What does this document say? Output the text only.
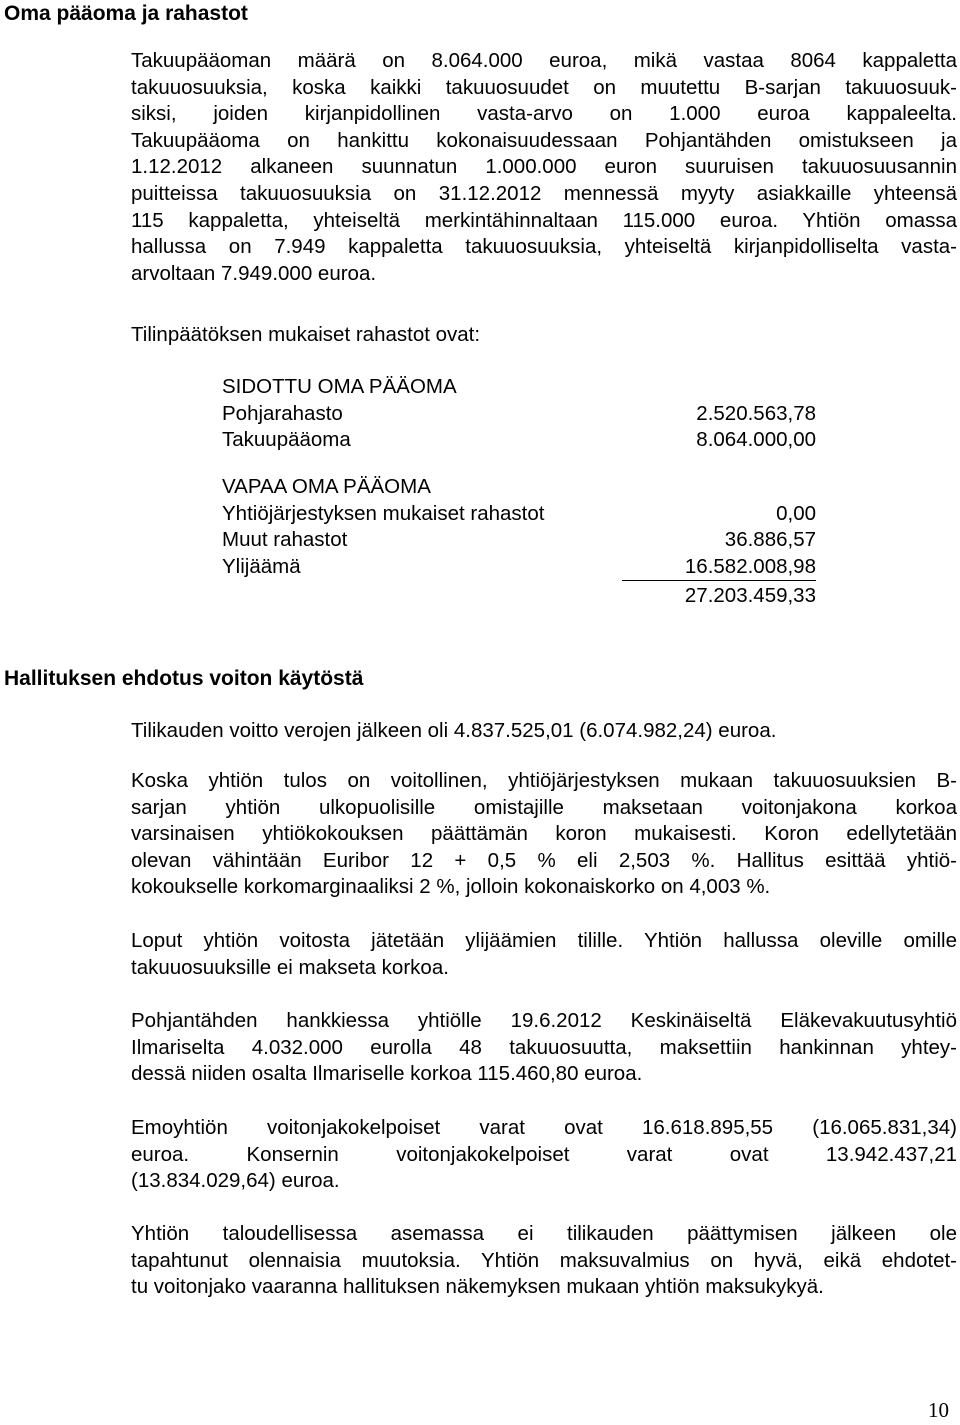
Oma pääoma ja rahastot
Takuupääoman määrä on 8.064.000 euroa, mikä vastaa 8064 kappaletta
takuuosuuksia, koska kaikki takuuosuudet on muutettu B-sarjan takuuosuuk-
siksi, joiden kirjanpidollinen vasta-arvo on 1.000 euroa kappaleelta.
Takuupääoma on hankittu kokonaisuudessaan Pohjantähden omistukseen ja
1.12.2012 alkaneen suunnatun 1.000.000 euron suuruisen takuuosuusannin
puitteissa takuuosuuksia on 31.12.2012 mennessä myyty asiakkaille yhteensä
115 kappaletta, yhteiseltä merkintähinnaltaan 115.000 euroa. Yhtiön omassa
hallussa on 7.949 kappaletta takuuosuuksia, yhteiseltä kirjanpidolliselta vasta-
arvoltaan 7.949.000 euroa.
Tilinpäätöksen mukaiset rahastot ovat:
SIDOTTU OMA PÄÄOMA
Pohjarahasto	2.520.563,78
Takuupääoma	8.064.000,00
VAPAA OMA PÄÄOMA
Yhtiöjärjestyksen mukaiset rahastot	0,00
Muut rahastot	36.886,57
Ylijäämä	16.582.008,98
27.203.459,33
Hallituksen ehdotus voiton käytöstä
Tilikauden voitto verojen jälkeen oli 4.837.525,01 (6.074.982,24) euroa.
Koska yhtiön tulos on voitollinen, yhtiöjärjestyksen mukaan takuuosuuksien B-
sarjan yhtiön ulkopuolisille omistajille maksetaan voitonjakona korkoa
varsinaisen yhtiökokouksen päättämän koron mukaisesti. Koron edellytetään
olevan vähintään Euribor 12 + 0,5 % eli 2,503 %. Hallitus esittää yhtiö-
kokoukselle korkomarginaaliksi 2 %, jolloin kokonaiskorko on 4,003 %.
Loput yhtiön voitosta jätetään ylijäämien tilille. Yhtiön hallussa oleville omille
takuuosuuksille ei makseta korkoa.
Pohjantähden hankkiessa yhtiölle 19.6.2012 Keskinäiseltä Eläkevakuutusyhtiö
Ilmariselta 4.032.000 eurolla 48 takuuosuutta, maksettiin hankinnan yhtey-
dessä niiden osalta Ilmariselle korkoa 115.460,80 euroa.
Emoyhtiön voitonjakokelpoiset varat ovat 16.618.895,55 (16.065.831,34)
euroa. Konsernin voitonjakokelpoiset varat ovat 13.942.437,21
(13.834.029,64) euroa.
Yhtiön taloudellisessa asemassa ei tilikauden päättymisen jälkeen ole
tapahtunut olennaisia muutoksia. Yhtiön maksuvalmius on hyvä, eikä ehdotet-
tu voitonjako vaaranna hallituksen näkemyksen mukaan yhtiön maksukykyä.
10
